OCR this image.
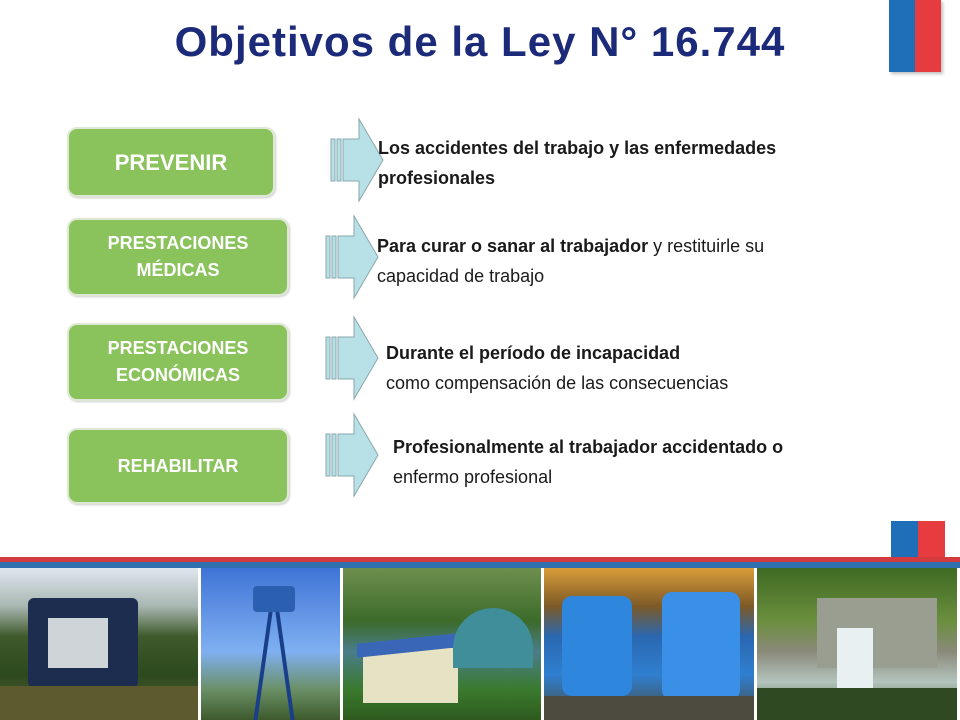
Objetivos de la Ley N° 16.744
PREVENIR
Los accidentes del trabajo y las enfermedades profesionales
PRESTACIONES MÉDICAS
Para curar o sanar al trabajador y restituirle su capacidad de trabajo
PRESTACIONES ECONÓMICAS
Durante el período de incapacidad
como compensación de las consecuencias
REHABILITAR
Profesionalmente al trabajador accidentado o enfermo profesional
